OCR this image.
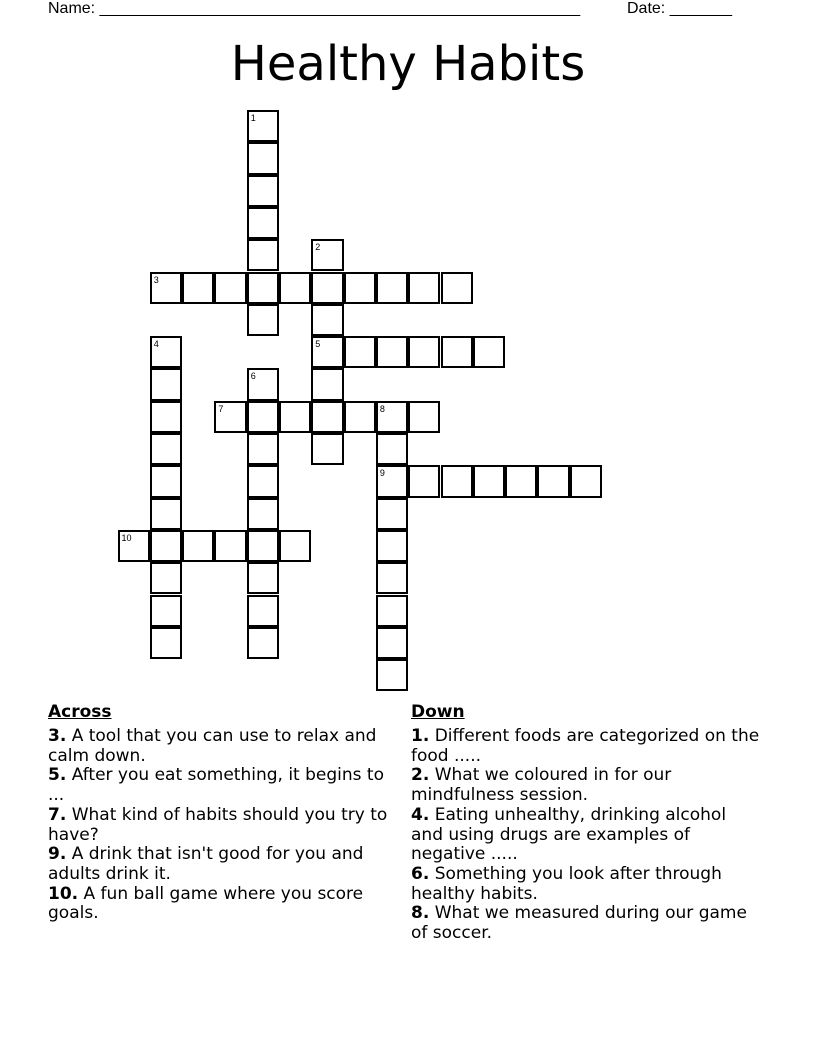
Name: ______________________________________________________	Date: _______
Healthy Habits
1
2
5
3
4
6
7	8
9
10
Across
3. A tool that you can use to relax and calm down.
5. After you eat something, it begins to ...
7. What kind of habits should you try to have?
9. A drink that isn't good for you and adults drink it.
10. A fun ball game where you score goals.
Down
1. Different foods are categorized on the food .....
2. What we coloured in for our mindfulness session.
4. Eating unhealthy, drinking alcohol and using drugs are examples of negative .....
6. Something you look after through healthy habits.
8. What we measured during our game of soccer.
